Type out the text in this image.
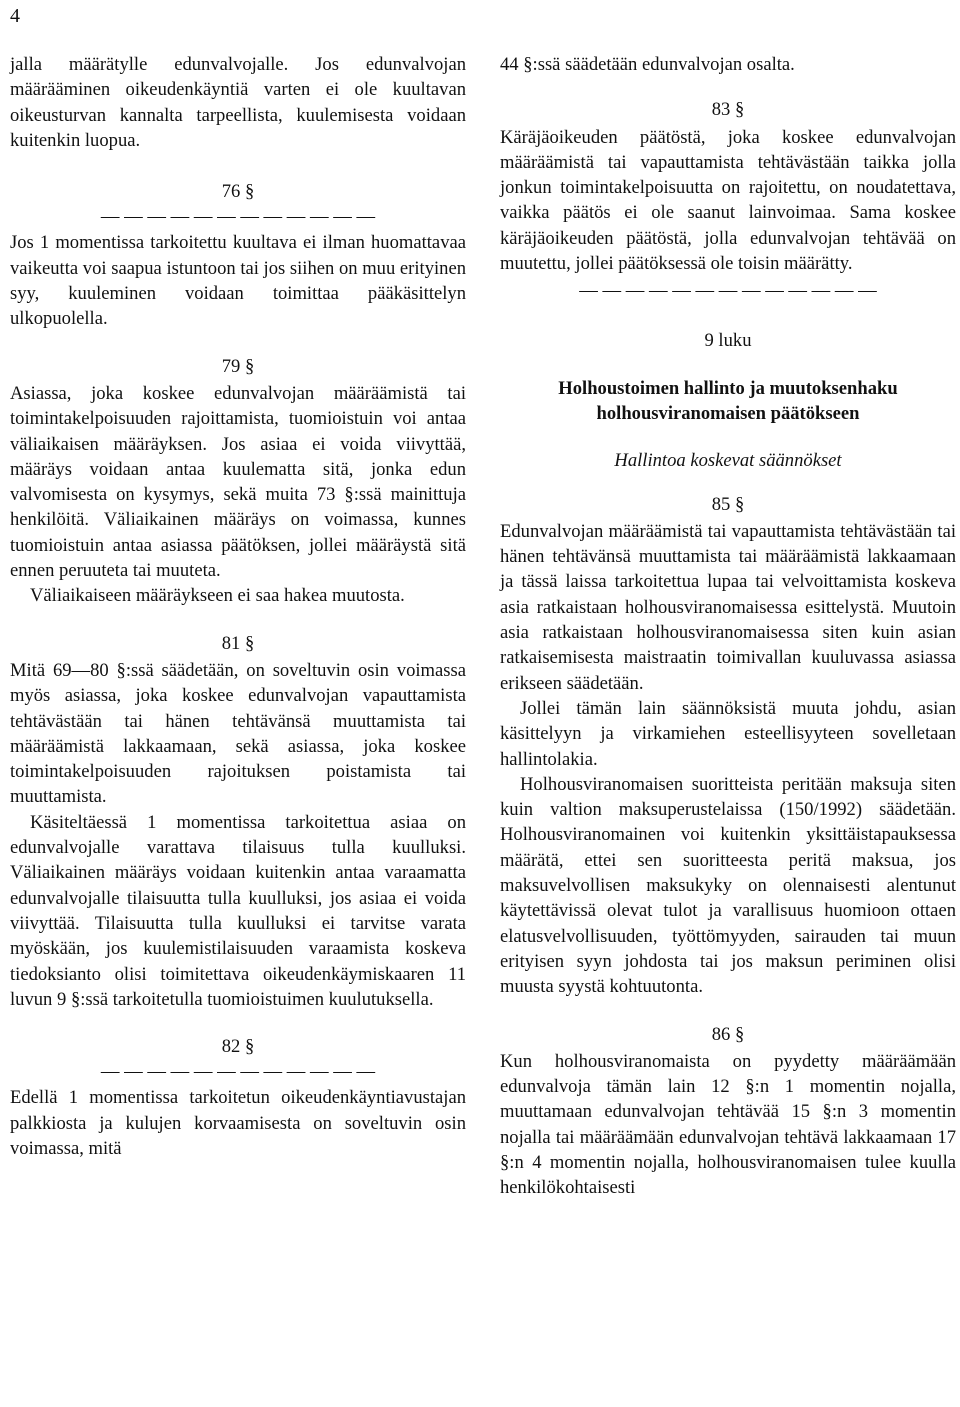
4

jalla määrätylle edunvalvojalle. Jos edunvalvojan määrääminen oikeudenkäyntiä varten ei ole kuultavan oikeusturvan kannalta tarpeellista, kuulemisesta voidaan kuitenkin luopua.

76 §
— — — — — — — — — — — —

Jos 1 momentissa tarkoitettu kuultava ei ilman huomattavaa vaikeutta voi saapua istuntoon tai jos siihen on muu erityinen syy, kuuleminen voidaan toimittaa pääkäsittelyn ulkopuolella.

79 §

Asiassa, joka koskee edunvalvojan määräämistä tai toimintakelpoisuuden rajoittamista, tuomioistuin voi antaa väliaikaisen määräyksen. Jos asiaa ei voida viivyttää, määräys voidaan antaa kuulematta sitä, jonka edun valvomisesta on kysymys, sekä muita 73 §:ssä mainittuja henkilöitä. Väliaikainen määräys on voimassa, kunnes tuomioistuin antaa asiassa päätöksen, jollei määräystä sitä ennen peruuteta tai muuteta.

Väliaikaiseen määräykseen ei saa hakea muutosta.

81 §

Mitä 69—80 §:ssä säädetään, on soveltuvin osin voimassa myös asiassa, joka koskee edunvalvojan vapauttamista tehtävästään tai hänen tehtävänsä muuttamista tai määräämistä lakkaamaan, sekä asiassa, joka koskee toimintakelpoisuuden rajoituksen poistamista tai muuttamista.

Käsiteltäessä 1 momentissa tarkoitettua asiaa on edunvalvojalle varattava tilaisuus tulla kuulluksi. Väliaikainen määräys voidaan kuitenkin antaa varaamatta edunvalvojalle tilaisuutta tulla kuulluksi, jos asiaa ei voida viivyttää. Tilaisuutta tulla kuulluksi ei tarvitse varata myöskään, jos kuulemistilaisuuden varaamista koskeva tiedoksianto olisi toimitettava oikeudenkäymiskaaren 11 luvun 9 §:ssä tarkoitetulla tuomioistuimen kuulutuksella.

82 §
— — — — — — — — — — — —

Edellä 1 momentissa tarkoitetun oikeudenkäyntiavustajan palkkiosta ja kulujen korvaamisesta on soveltuvin osin voimassa, mitä

44 §:ssä säädetään edunvalvojan osalta.

83 §

Käräjäoikeuden päätöstä, joka koskee edunvalvojan määräämistä tai vapauttamista tehtävästään taikka jolla jonkun toimintakelpoisuutta on rajoitettu, on noudatettava, vaikka päätös ei ole saanut lainvoimaa. Sama koskee käräjäoikeuden päätöstä, jolla edunvalvojan tehtävää on muutettu, jollei päätöksessä ole toisin määrätty.

— — — — — — — — — — — — —
9 luku
Holhoustoimen hallinto ja muutoksenhaku holhousviranomaisen päätökseen
Hallintoa koskevat säännökset
85 §

Edunvalvojan määräämistä tai vapauttamista tehtävästään tai hänen tehtävänsä muuttamista tai määräämistä lakkaamaan ja tässä laissa tarkoitettua lupaa tai velvoittamista koskeva asia ratkaistaan holhousviranomaisessa esittelystä. Muutoin asia ratkaistaan holhousviranomaisessa siten kuin asian ratkaisemisesta maistraatin toimivallan kuuluvassa asiassa erikseen säädetään.

Jollei tämän lain säännöksistä muuta johdu, asian käsittelyyn ja virkamiehen esteellisyyteen sovelletaan hallintolakia.

Holhousviranomaisen suoritteista peritään maksuja siten kuin valtion maksuperustelaissa (150/1992) säädetään. Holhousviranomainen voi kuitenkin yksittäistapauksessa määrätä, ettei sen suoritteesta peritä maksua, jos maksuvelvollisen maksukyky on olennaisesti alentunut käytettävissä olevat tulot ja varallisuus huomioon ottaen elatusvelvollisuuden, työttömyyden, sairauden tai muun erityisen syyn johdosta tai jos maksun periminen olisi muusta syystä kohtuutonta.

86 §

Kun holhousviranomaista on pyydetty määräämään edunvalvoja tämän lain 12 §:n 1 momentin nojalla, muuttamaan edunvalvojan tehtävää 15 §:n 3 momentin nojalla tai määräämään edunvalvojan tehtävä lakkaamaan 17 §:n 4 momentin nojalla, holhousviranomaisen tulee kuulla henkilökohtaisesti
